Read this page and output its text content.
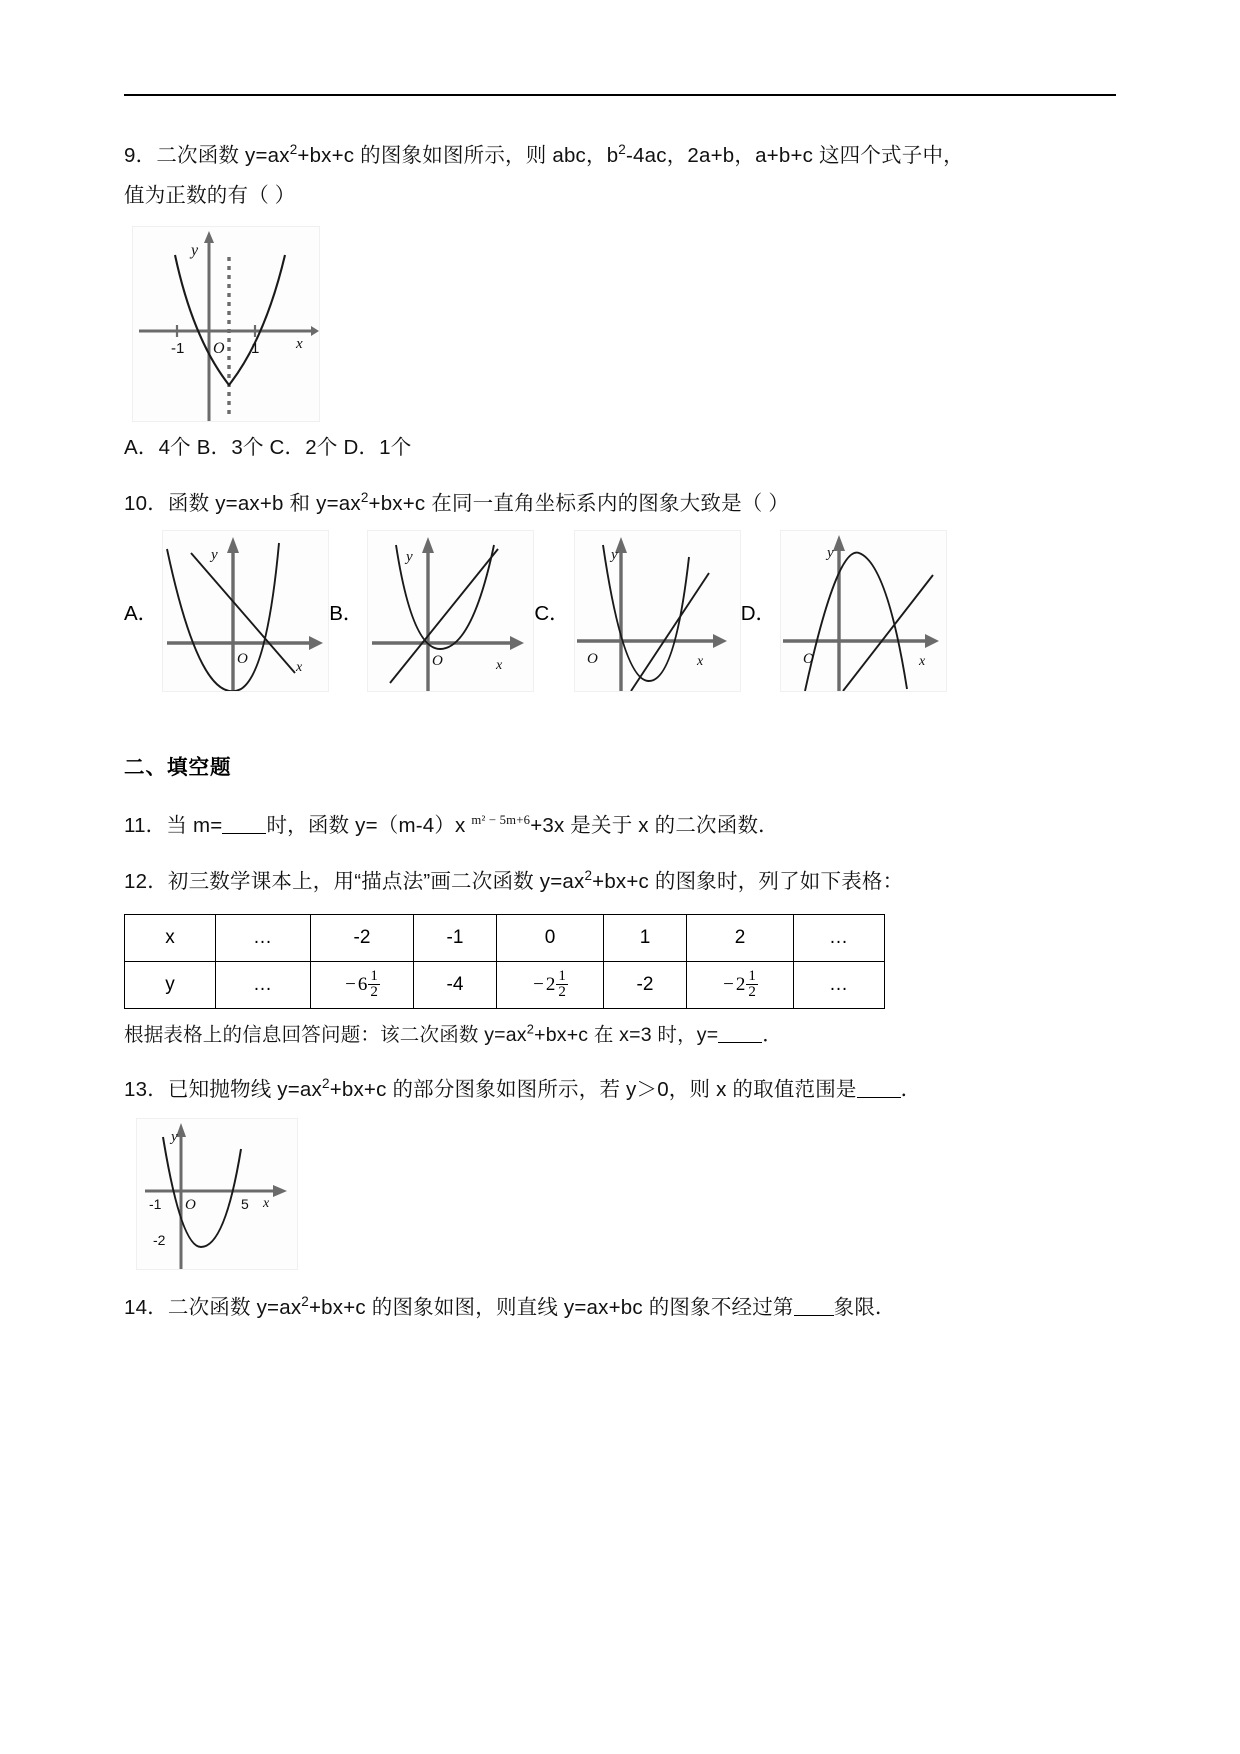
9．二次函数 $y=ax^2+bx+c$ 的图象如图所示，则 abc，$b^2-4ac$，2a+b，a+b+c 这四个式子中，
值为正数的有（ ）
y
x
-1 O 1
A．4个 B．3个 C．2个 D．1个
10．函数 y=ax+b 和 $y=ax^2+bx+c$ 在同一直角坐标系内的图象大致是（ ）
A．
y
x
O
B．
y
x
O
C．
y
x
O
D．
y
x
O
二、填空题
11．当 m= 时，函数 y=（m-4）x $^{m^2 - 5m+6}$+3x 是关于 x 的二次函数．
12．初三数学课本上，用“描点法”画二次函数 $y=ax^2+bx+c$ 的图象时，列了如下表格：
x	…	-2	-1	0	1	2	…
y	…	− $6 \frac{1}{2}$	-4	− $2 \frac{1}{2}$	-2	− $2 \frac{1}{2}$	…
根据表格上的信息回答问题：该二次函数 $y=ax^2+bx+c$ 在 x=3 时，y= ．
13．已知抛物线 $y=ax^2+bx+c$ 的部分图象如图所示，若 y＞0，则 x 的取值范围是 ．
y
x
-1 O	5
-2
14．二次函数 $y=ax^2+bx+c$ 的图象如图，则直线 y=ax+bc 的图象不经过第 象限．
